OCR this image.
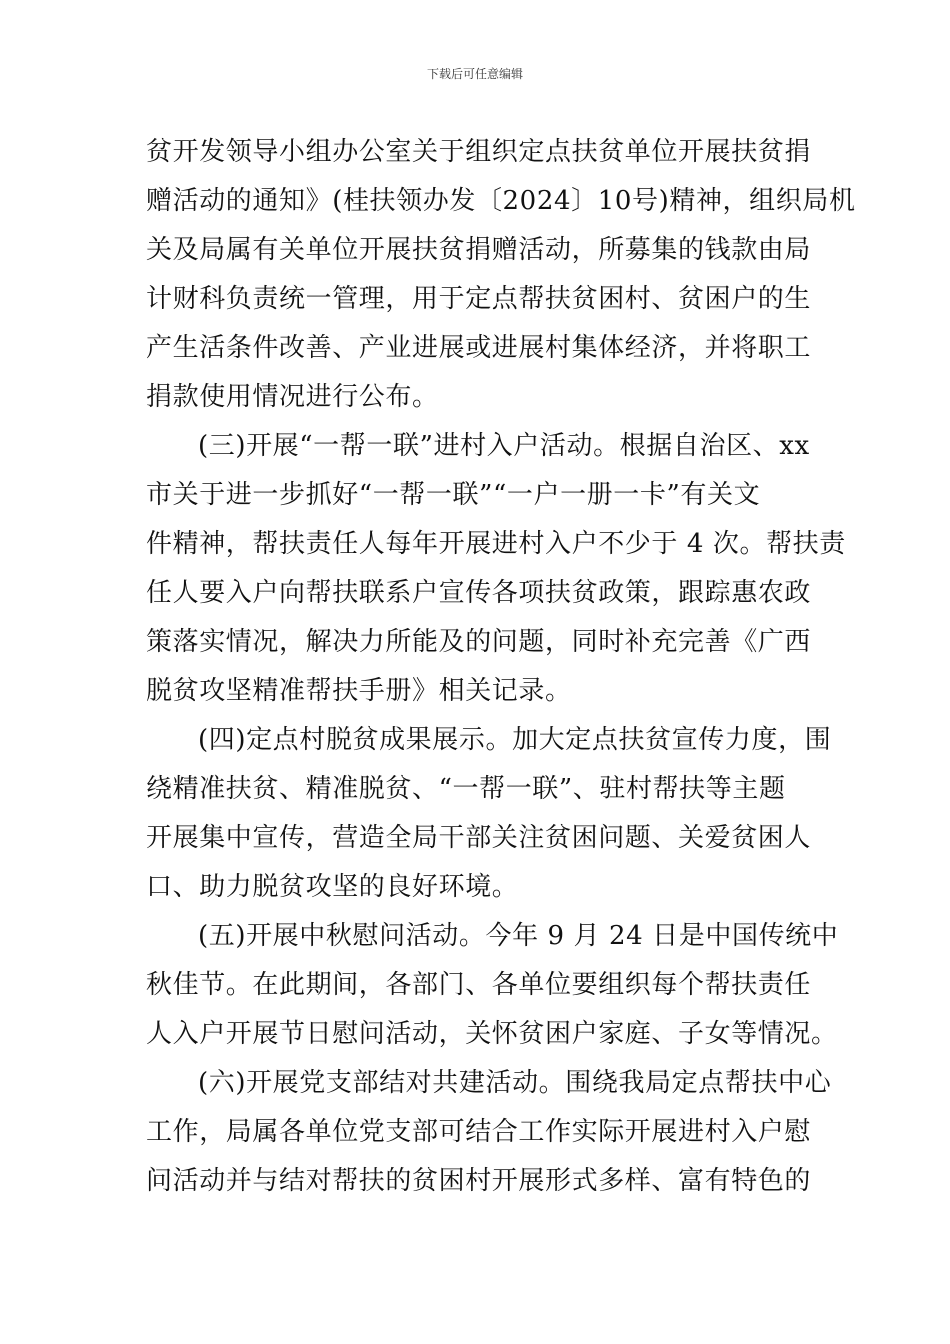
下载后可任意编辑
贫开发领导小组办公室关于组织定点扶贫单位开展扶贫捐
赠活动的通知》(桂扶领办发〔2024〕10号)精神，组织局机
关及局属有关单位开展扶贫捐赠活动，所募集的钱款由局
计财科负责统一管理，用于定点帮扶贫困村、贫困户的生
产生活条件改善、产业进展或进展村集体经济，并将职工
捐款使用情况进行公布。
(三)开展“一帮一联”进村入户活动。根据自治区、xx
市关于进一步抓好“一帮一联”“一户一册一卡”有关文
件精神，帮扶责任人每年开展进村入户不少于 4 次。帮扶责
任人要入户向帮扶联系户宣传各项扶贫政策，跟踪惠农政
策落实情况，解决力所能及的问题，同时补充完善《广西
脱贫攻坚精准帮扶手册》相关记录。
(四)定点村脱贫成果展示。加大定点扶贫宣传力度，围
绕精准扶贫、精准脱贫、“一帮一联”、驻村帮扶等主题
开展集中宣传，营造全局干部关注贫困问题、关爱贫困人
口、助力脱贫攻坚的良好环境。
(五)开展中秋慰问活动。今年 9 月 24 日是中国传统中
秋佳节。在此期间，各部门、各单位要组织每个帮扶责任
人入户开展节日慰问活动，关怀贫困户家庭、子女等情况。
(六)开展党支部结对共建活动。围绕我局定点帮扶中心
工作，局属各单位党支部可结合工作实际开展进村入户慰
问活动并与结对帮扶的贫困村开展形式多样、富有特色的
